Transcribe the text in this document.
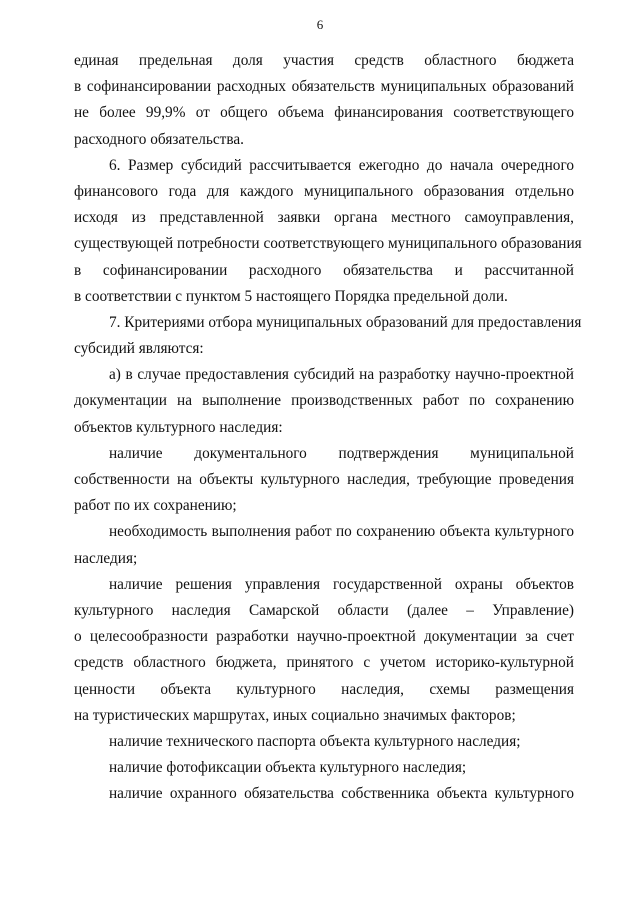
6
единая предельная доля участия средств областного бюджета
в софинансировании расходных обязательств муниципальных образований
не более 99,9% от общего объема финансирования соответствующего
расходного обязательства.
6. Размер субсидий рассчитывается ежегодно до начала очередного
финансового года для каждого муниципального образования отдельно
исходя из представленной заявки органа местного самоуправления,
существующей потребности соответствующего муниципального образования
в софинансировании расходного обязательства и рассчитанной
в соответствии с пунктом 5 настоящего Порядка предельной доли.
7. Критериями отбора муниципальных образований для предоставления
субсидий являются:
а) в случае предоставления субсидий на разработку научно-проектной
документации на выполнение производственных работ по сохранению
объектов культурного наследия:
наличие документального подтверждения муниципальной
собственности на объекты культурного наследия, требующие проведения
работ по их сохранению;
необходимость выполнения работ по сохранению объекта культурного
наследия;
наличие решения управления государственной охраны объектов
культурного наследия Самарской области (далее – Управление)
о целесообразности разработки научно-проектной документации за счет
средств областного бюджета, принятого с учетом историко-культурной
ценности объекта культурного наследия, схемы размещения
на туристических маршрутах, иных социально значимых факторов;
наличие технического паспорта объекта культурного наследия;
наличие фотофиксации объекта культурного наследия;
наличие охранного обязательства собственника объекта культурного
